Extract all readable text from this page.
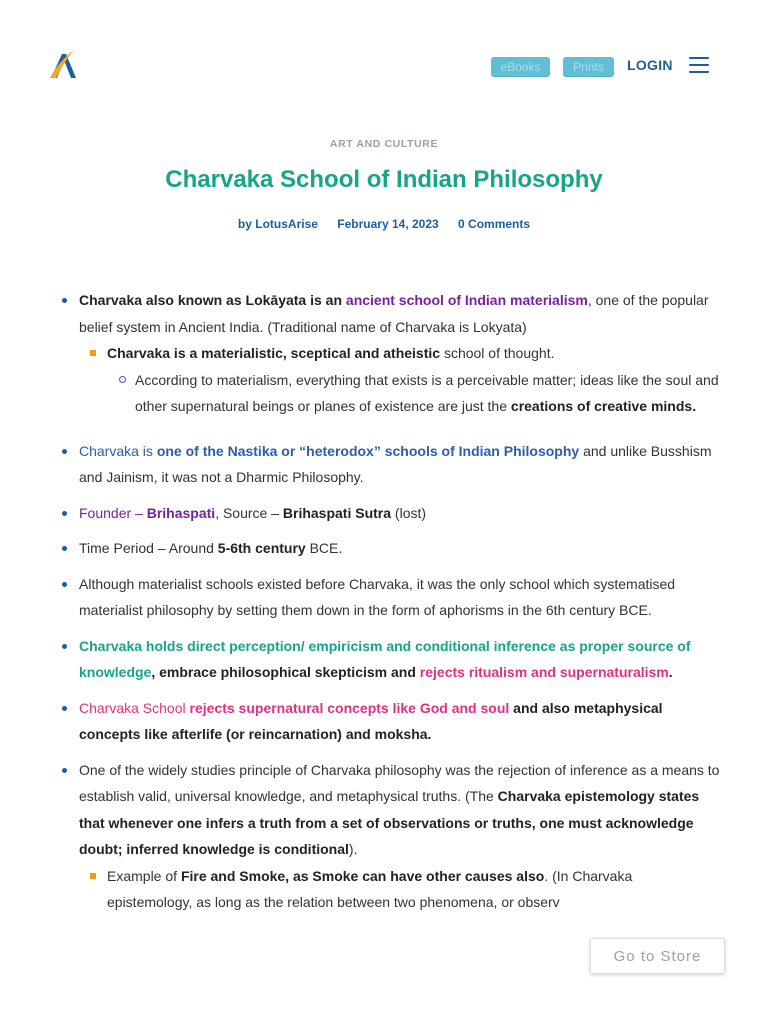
eBooks	Prints	LOGIN
ART AND CULTURE
Charvaka School of Indian Philosophy
by LotusArise February 14, 2023 0 Comments
Charvaka also known as Lokāyata is an ancient school of Indian materialism, one of the popular belief system in Ancient India. (Traditional name of Charvaka is Lokyata)
Charvaka is a materialistic, sceptical and atheistic school of thought.
According to materialism, everything that exists is a perceivable matter; ideas like the soul and other supernatural beings or planes of existence are just the creations of creative minds.
Charvaka is one of the Nastika or “heterodox” schools of Indian Philosophy and unlike Busshism and Jainism, it was not a Dharmic Philosophy.
Founder – Brihaspati, Source – Brihaspati Sutra (lost)
Time Period – Around 5-6th century BCE.
Although materialist schools existed before Charvaka, it was the only school which systematised materialist philosophy by setting them down in the form of aphorisms in the 6th century BCE.
Charvaka holds direct perception/ empiricism and conditional inference as proper source of knowledge, embrace philosophical skepticism and rejects ritualism and supernaturalism.
Charvaka School rejects supernatural concepts like God and soul and also metaphysical concepts like afterlife (or reincarnation) and moksha.
One of the widely studies principle of Charvaka philosophy was the rejection of inference as a means to establish valid, universal knowledge, and metaphysical truths. (The Charvaka epistemology states that whenever one infers a truth from a set of observations or truths, one must acknowledge doubt; inferred knowledge is conditional).
Example of Fire and Smoke, as Smoke can have other causes also. (In Charvaka epistemology, as long as the relation between two phenomena, or observ
Go to Store
